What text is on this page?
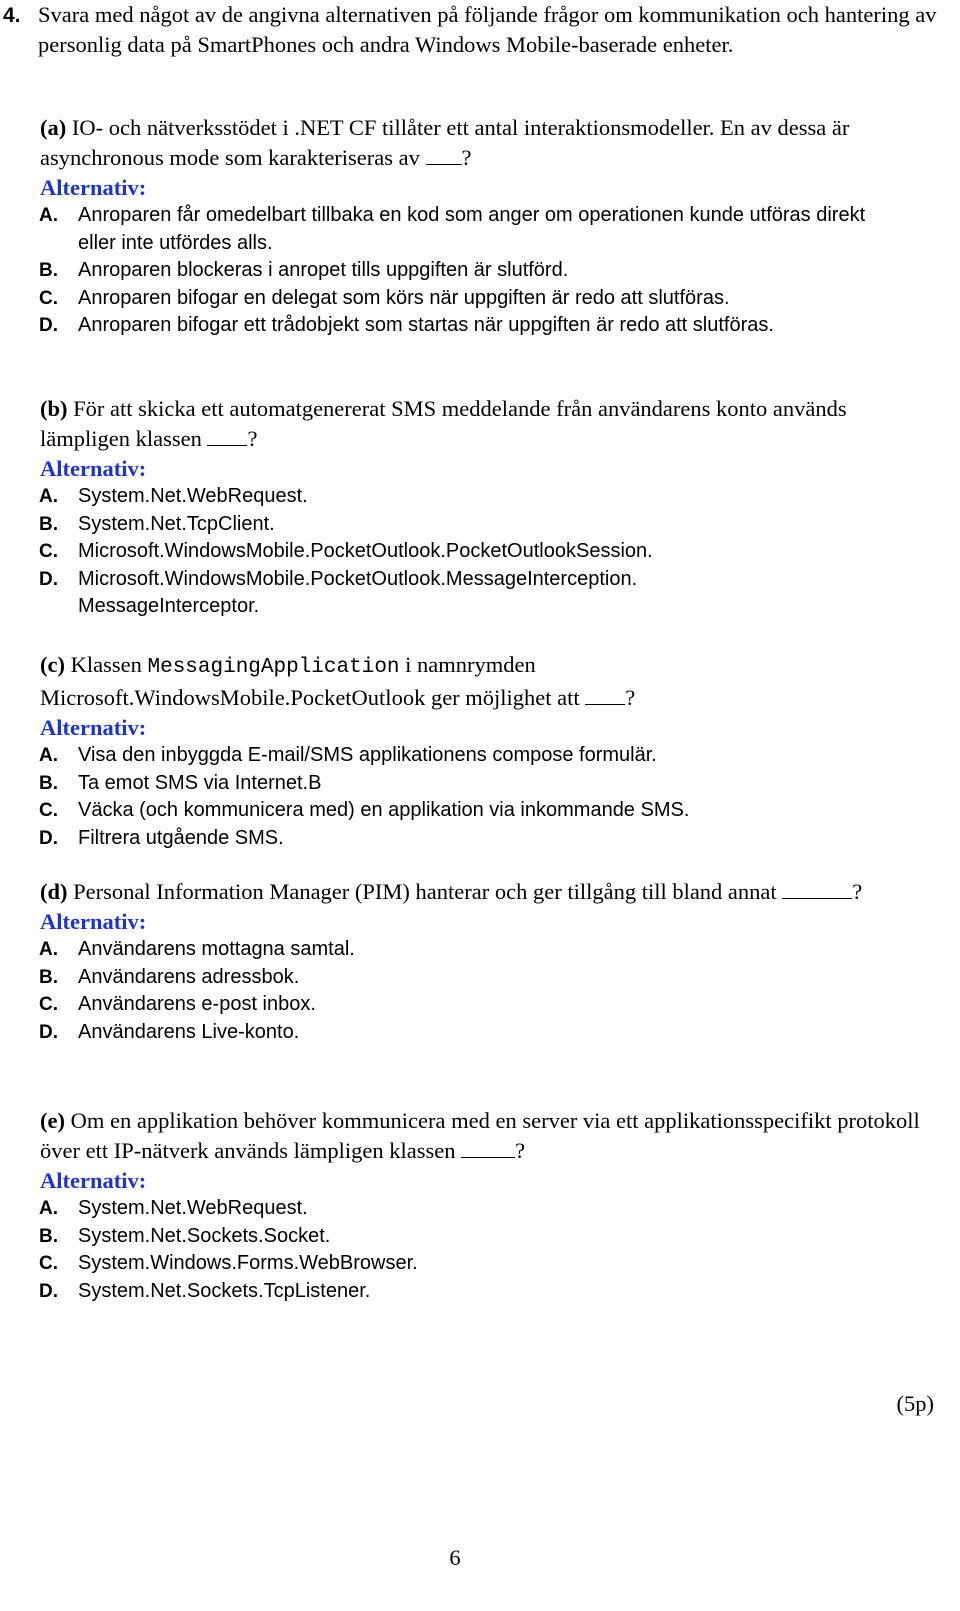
4. Svara med något av de angivna alternativen på följande frågor om kommunikation och hantering av personlig data på SmartPhones och andra Windows Mobile-baserade enheter.

(a) IO- och nätverksstödet i .NET CF tillåter ett antal interaktionsmodeller. En av dessa är asynchronous mode som karakteriseras av ?

Alternativ:

A. Anroparen får omedelbart tillbaka en kod som anger om operationen kunde utföras direkt eller inte utfördes alls.
B. Anroparen blockeras i anropet tills uppgiften är slutförd.
C. Anroparen bifogar en delegat som körs när uppgiften är redo att slutföras.
D. Anroparen bifogar ett trådobjekt som startas när uppgiften är redo att slutföras.

(b) För att skicka ett automatgenererat SMS meddelande från användarens konto används lämpligen klassen ?

Alternativ:

A. System.Net.WebRequest.
B. System.Net.TcpClient.
C. Microsoft.WindowsMobile.PocketOutlook.PocketOutlookSession.
D. Microsoft.WindowsMobile.PocketOutlook.MessageInterception. MessageInterceptor.

(c) Klassen MessagingApplication i namnrymden Microsoft.WindowsMobile.PocketOutlook ger möjlighet att ?

Alternativ:

A. Visa den inbyggda E-mail/SMS applikationens compose formulär.
B. Ta emot SMS via Internet.B
C. Väcka (och kommunicera med) en applikation via inkommande SMS.
D. Filtrera utgående SMS.

(d) Personal Information Manager (PIM) hanterar och ger tillgång till bland annat	?

Alternativ:

A. Användarens mottagna samtal.
B. Användarens adressbok.
C. Användarens e-post inbox.
D. Användarens Live-konto.

(e) Om en applikation behöver kommunicera med en server via ett applikationsspecifikt protokoll över ett IP-nätverk används lämpligen klassen	?

Alternativ:

A. System.Net.WebRequest.
B. System.Net.Sockets.Socket.
C. System.Windows.Forms.WebBrowser.
D. System.Net.Sockets.TcpListener.
(5p)
6
